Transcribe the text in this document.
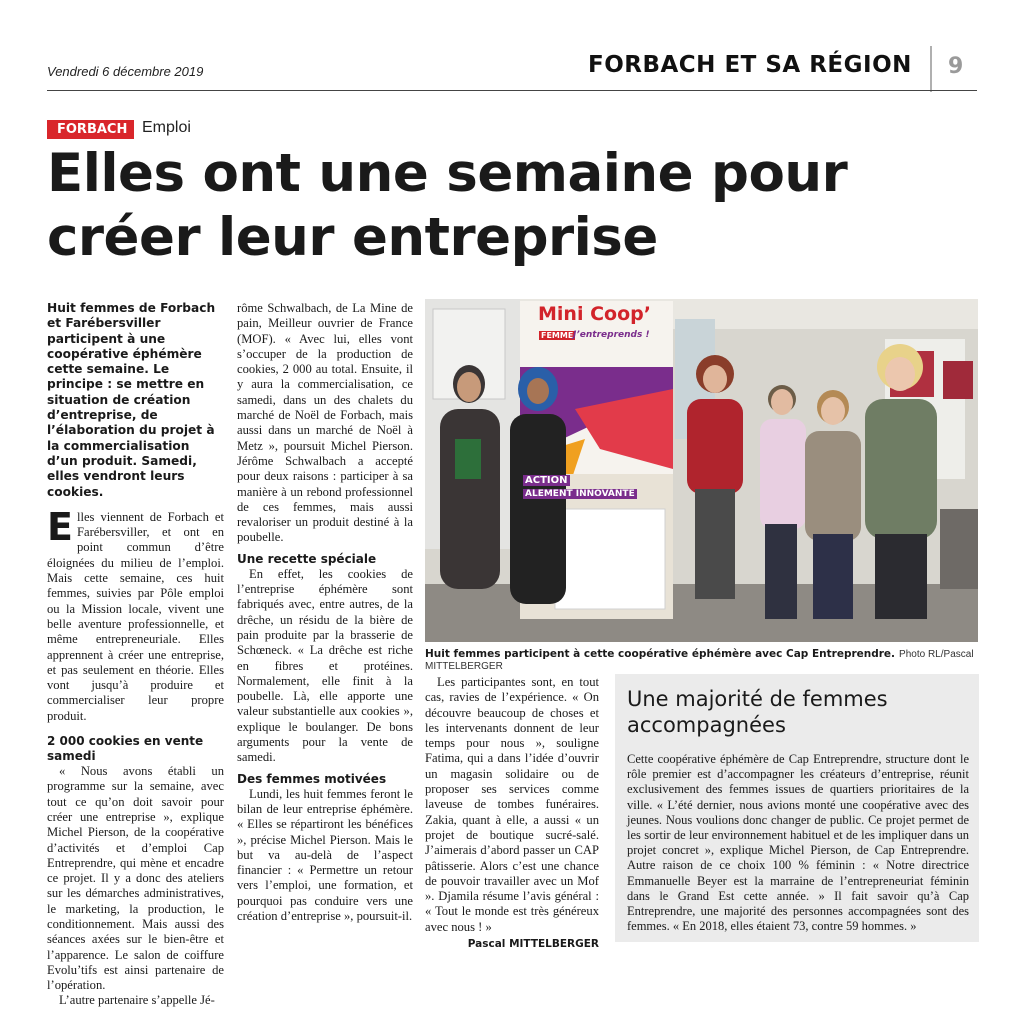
Vendredi 6 décembre 2019	FORBACH ET SA RÉGION 9
FORBACH Emploi
Elles ont une semaine pour créer leur entreprise
Huit femmes de Forbach et Farébersviller participent à une coopérative éphémère cette semaine. Le principe : se mettre en situation de création d’entreprise, de l’élaboration du projet à la commercialisation d’un produit. Samedi, elles vendront leurs cookies.

Elles viennent de Forbach et Farébersviller, et ont en point commun d’être éloignées du milieu de l’emploi. Mais cette semaine, ces huit femmes, suivies par Pôle emploi ou la Mission locale, vivent une belle aventure professionnelle, et même entrepreneuriale. Elles apprennent à créer une entreprise, et pas seulement en théorie. Elles vont jusqu’à produire et commercialiser leur propre produit.

2 000 cookies en vente samedi

« Nous avons établi un programme sur la semaine, avec tout ce qu’on doit savoir pour créer une entreprise », explique Michel Pierson, de la coopérative d’activités et d’emploi Cap Entreprendre, qui mène et encadre ce projet. Il y a donc des ateliers sur les démarches administratives, le marketing, la production, le conditionnement. Mais aussi des séances axées sur le bien-être et l’apparence. Le salon de coiffure Evolu’tifs est ainsi partenaire de l’opération.

L’autre partenaire s’appelle Jé-

rôme Schwalbach, de La Mine de pain, Meilleur ouvrier de France (MOF). « Avec lui, elles vont s’occuper de la production de cookies, 2 000 au total. Ensuite, il y aura la commercialisation, ce samedi, dans un des chalets du marché de Noël de Forbach, mais aussi dans un marché de Noël à Metz », poursuit Michel Pierson. Jérôme Schwalbach a accepté pour deux raisons : participer à sa manière à un rebond professionnel de ces femmes, mais aussi revaloriser un produit destiné à la poubelle.

Une recette spéciale

En effet, les cookies de l’entreprise éphémère sont fabriqués avec, entre autres, de la drêche, un résidu de la bière de pain produite par la brasserie de Schœneck. « La drêche est riche en fibres et protéines. Normalement, elle finit à la poubelle. Là, elle apporte une valeur substantielle aux cookies », explique le boulanger. De bons arguments pour la vente de samedi.

Des femmes motivées

Lundi, les huit femmes feront le bilan de leur entreprise éphémère. « Elles se répartiront les bénéfices », précise Michel Pierson. Mais le but va au-delà de l’aspect financier : « Permettre un retour vers l’emploi, une formation, et pourquoi pas conduire vers une création d’entreprise », poursuit-il.

Mini Coop’
FEMME J’entreprends !
ACTION
ALEMENT INNOVANTE
Huit femmes participent à cette coopérative éphémère avec Cap Entreprendre. Photo RL/Pascal MITTELBERGER

Les participantes sont, en tout cas, ravies de l’expérience. « On découvre beaucoup de choses et les intervenants donnent de leur temps pour nous », souligne Fatima, qui a dans l’idée d’ouvrir un magasin solidaire ou de proposer ses services comme laveuse de tombes funéraires. Zakia, quant à elle, a aussi « un projet de boutique sucré-salé. J’aimerais d’abord passer un CAP pâtisserie. Alors c’est une chance de pouvoir travailler avec un Mof ». Djamila résume l’avis général : « Tout le monde est très généreux avec nous ! »

Pascal MITTELBERGER
Une majorité de femmes accompagnées
Cette coopérative éphémère de Cap Entreprendre, structure dont le rôle premier est d’accompagner les créateurs d’entreprise, réunit exclusivement des femmes issues de quartiers prioritaires de la ville. « L’été dernier, nous avions monté une coopérative avec des jeunes. Nous voulions donc changer de public. Ce projet permet de les sortir de leur environnement habituel et de les impliquer dans un projet concret », explique Michel Pierson, de Cap Entreprendre. Autre raison de ce choix 100 % féminin : « Notre directrice Emmanuelle Beyer est la marraine de l’entrepreneuriat féminin dans le Grand Est cette année. » Il fait savoir qu’à Cap Entreprendre, une majorité des personnes accompagnées sont des femmes. « En 2018, elles étaient 73, contre 59 hommes. »
